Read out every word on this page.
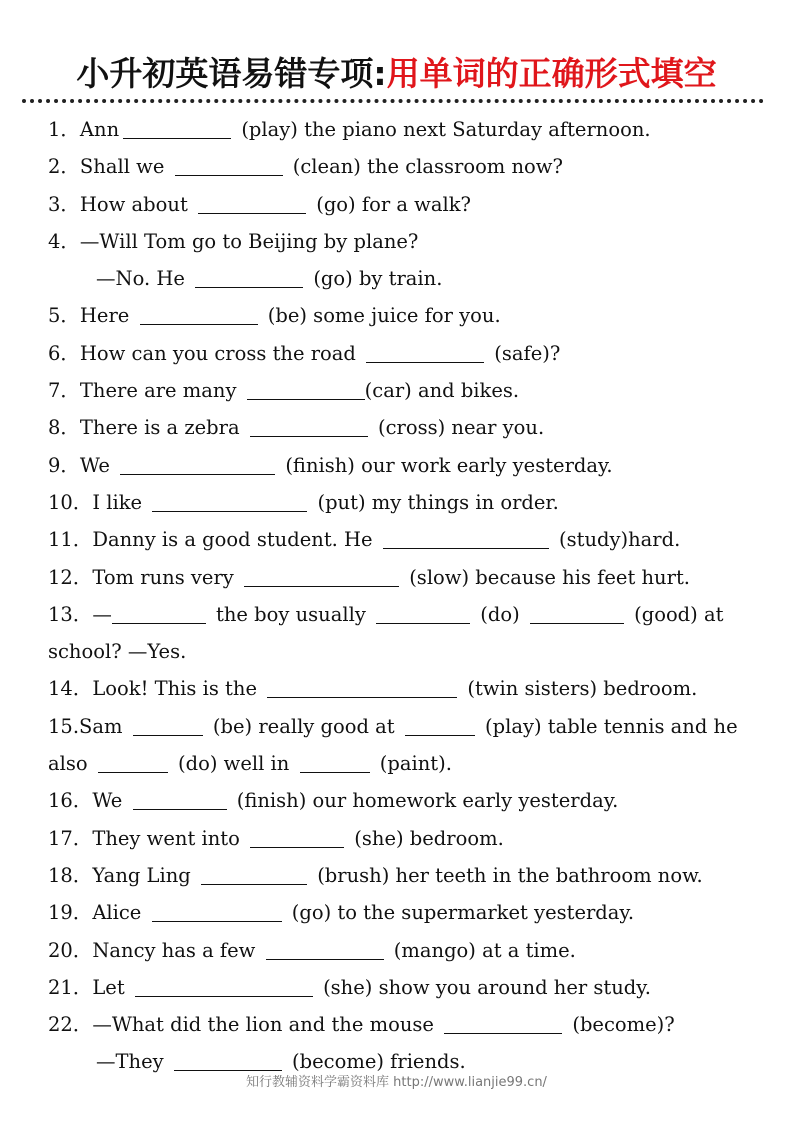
小升初英语易错专项:用单词的正确形式填空
1．Ann	(play) the piano next Saturday afternoon.
2．Shall we	(clean) the classroom now?
3．How about	(go) for a walk?
4．—Will Tom go to Beijing by plane?
—No. He	(go) by train.
5．Here	(be) some juice for you.
6．How can you cross the road	(safe)?
7．There are many	(car) and bikes.
8．There is a zebra	(cross) near you.
9．We	(finish) our work early yesterday.
10．I like	(put) my things in order.
11．Danny is a good student. He	(study)hard.
12．Tom runs very	(slow) because his feet hurt.
13．—	the boy usually	(do)	(good) at
school? —Yes.
14．Look! This is the	(twin sisters) bedroom.
15.Sam	(be) really good at	(play) table tennis and he
also	(do) well in	(paint).
16．We	(finish) our homework early yesterday.
17．They went into	(she) bedroom.
18．Yang Ling	(brush) her teeth in the bathroom now.
19．Alice	(go) to the supermarket yesterday.
20．Nancy has a few	(mango) at a time.
21．Let	(she) show you around her study.
22．—What did the lion and the mouse	(become)?
—They	(become) friends.
知行教辅资料学霸资料库 http://www.lianjie99.cn/
